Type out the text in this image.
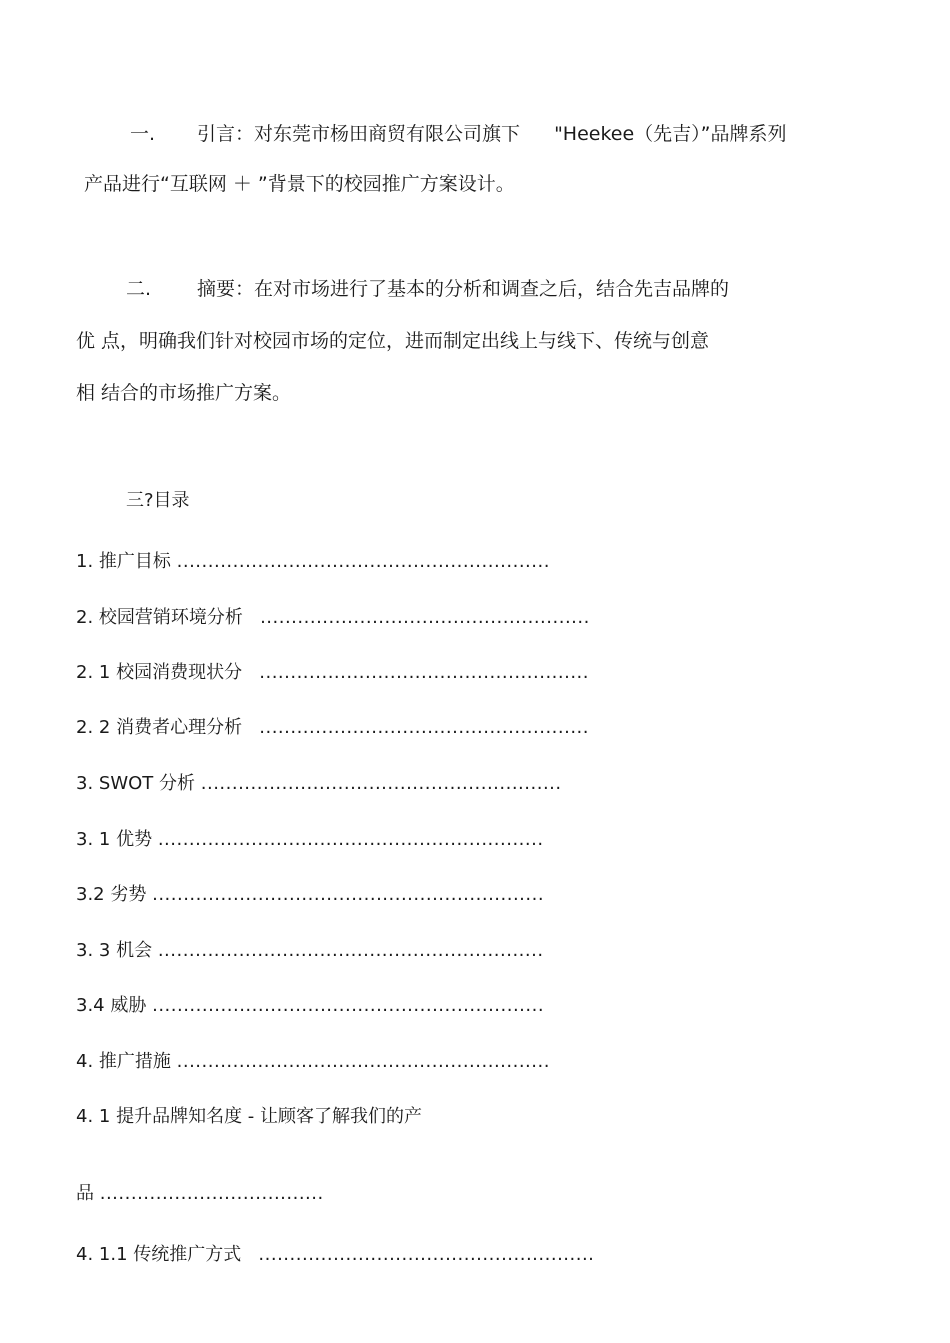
一. 引言：对东莞市杨田商贸有限公司旗下 "Heekee（先吉）”品牌系列
产品进行“互联网 ＋ ”背景下的校园推广方案设计。
二. 摘要：在对市场进行了基本的分析和调查之后，结合先吉品牌的
优 点，明确我们针对校园市场的定位，进而制定出线上与线下、传统与创意
相 结合的市场推广方案。
三?目录
1. 推广目标 ............................................................
2. 校园营销环境分析 .....................................................
2. 1 校园消费现状分 .....................................................
2. 2 消费者心理分析 .....................................................
3. SWOT 分析 ..........................................................
3. 1 优势 ..............................................................
3.2 劣势 ...............................................................
3. 3 机会 ..............................................................
3.4 威胁 ...............................................................
4. 推广措施 ............................................................
4. 1 提升品牌知名度 - 让顾客了解我们的产
品 ....................................
4. 1.1 传统推广方式 ......................................................
